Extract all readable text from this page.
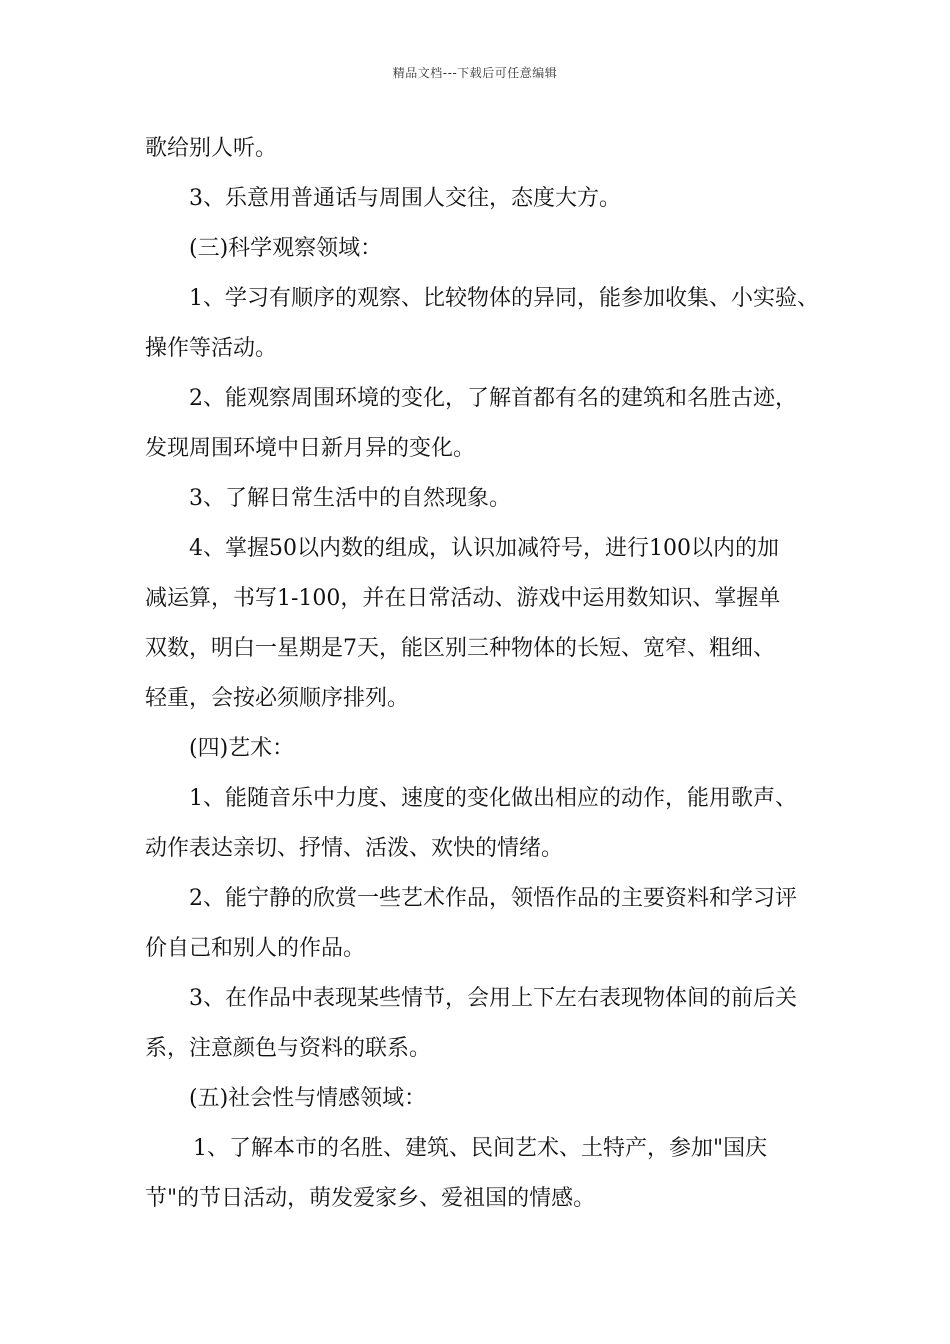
精品文档---下载后可任意编辑
歌给别人听。
3、乐意用普通话与周围人交往，态度大方。
(三)科学观察领域：
1、学习有顺序的观察、比较物体的异同，能参加收集、小实验、
操作等活动。
2、能观察周围环境的变化，了解首都有名的建筑和名胜古迹，
发现周围环境中日新月异的变化。
3、了解日常生活中的自然现象。
4、掌握50以内数的组成，认识加减符号，进行100以内的加
减运算，书写1-100，并在日常活动、游戏中运用数知识、掌握单
双数，明白一星期是7天，能区别三种物体的长短、宽窄、粗细、
轻重，会按必须顺序排列。
(四)艺术：
1、能随音乐中力度、速度的变化做出相应的动作，能用歌声、
动作表达亲切、抒情、活泼、欢快的情绪。
2、能宁静的欣赏一些艺术作品，领悟作品的主要资料和学习评
价自己和别人的作品。
3、在作品中表现某些情节，会用上下左右表现物体间的前后关
系，注意颜色与资料的联系。
(五)社会性与情感领域：
1、了解本市的名胜、建筑、民间艺术、土特产，参加"国庆
节"的节日活动，萌发爱家乡、爱祖国的情感。
